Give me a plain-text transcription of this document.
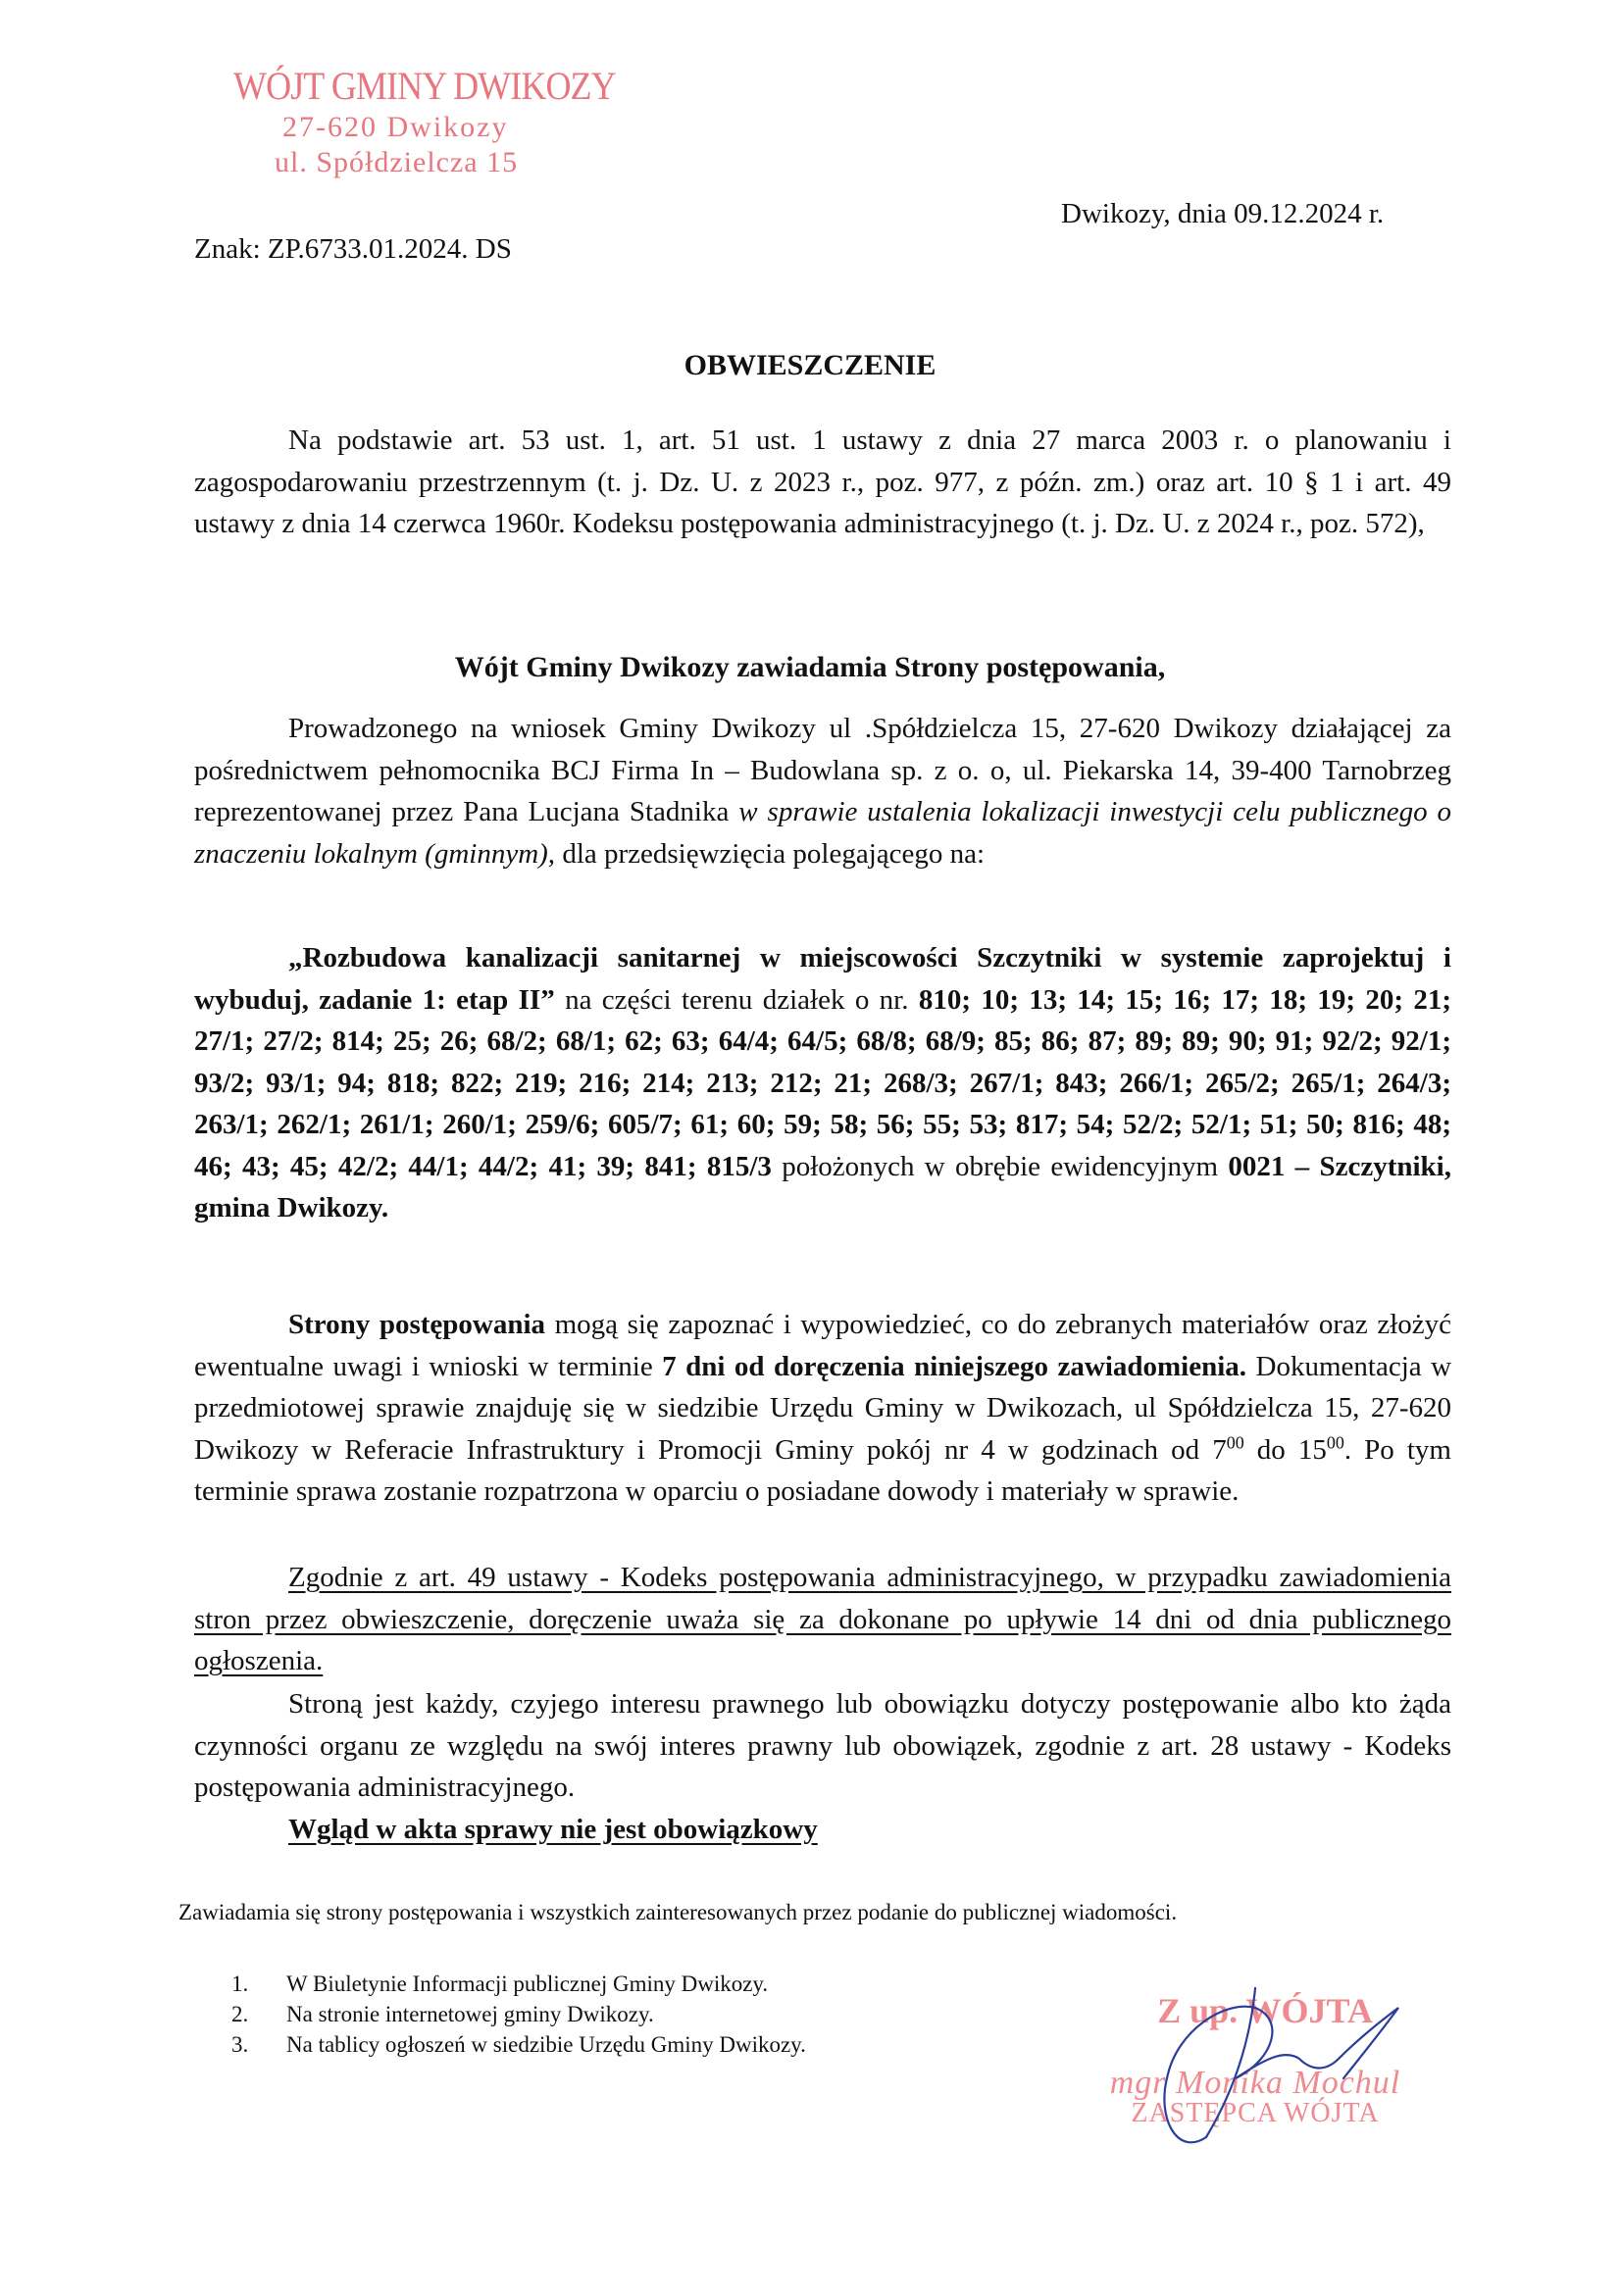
WÓJT GMINY DWIKOZY
27-620 Dwikozy
ul. Spółdzielcza 15
Dwikozy, dnia 09.12.2024 r.
Znak: ZP.6733.01.2024. DS
OBWIESZCZENIE
Na podstawie art. 53 ust. 1, art. 51 ust. 1 ustawy z dnia 27 marca 2003 r. o planowaniu i zagospodarowaniu przestrzennym (t. j. Dz. U. z 2023 r., poz. 977, z późn. zm.) oraz art. 10 § 1 i art. 49 ustawy z dnia 14 czerwca 1960r. Kodeksu postępowania administracyjnego (t. j. Dz. U. z 2024 r., poz. 572),
Wójt Gminy Dwikozy zawiadamia Strony postępowania,
Prowadzonego na wniosek Gminy Dwikozy ul .Spółdzielcza 15, 27-620 Dwikozy działającej za pośrednictwem pełnomocnika BCJ Firma In – Budowlana sp. z o. o, ul. Piekarska 14, 39-400 Tarnobrzeg reprezentowanej przez Pana Lucjana Stadnika w sprawie ustalenia lokalizacji inwestycji celu publicznego o znaczeniu lokalnym (gminnym), dla przedsięwzięcia polegającego na:
„Rozbudowa kanalizacji sanitarnej w miejscowości Szczytniki w systemie zaprojektuj i wybuduj, zadanie 1: etap II” na części terenu działek o nr. 810; 10; 13; 14; 15; 16; 17; 18; 19; 20; 21; 27/1; 27/2; 814; 25; 26; 68/2; 68/1; 62; 63; 64/4; 64/5; 68/8; 68/9; 85; 86; 87; 89; 89; 90; 91; 92/2; 92/1; 93/2; 93/1; 94; 818; 822; 219; 216; 214; 213; 212; 21; 268/3; 267/1; 843; 266/1; 265/2; 265/1; 264/3; 263/1; 262/1; 261/1; 260/1; 259/6; 605/7; 61; 60; 59; 58; 56; 55; 53; 817; 54; 52/2; 52/1; 51; 50; 816; 48; 46; 43; 45; 42/2; 44/1; 44/2; 41; 39; 841; 815/3 położonych w obrębie ewidencyjnym 0021 – Szczytniki, gmina Dwikozy.
Strony postępowania mogą się zapoznać i wypowiedzieć, co do zebranych materiałów oraz złożyć ewentualne uwagi i wnioski w terminie 7 dni od doręczenia niniejszego zawiadomienia. Dokumentacja w przedmiotowej sprawie znajduję się w siedzibie Urzędu Gminy w Dwikozach, ul Spółdzielcza 15, 27-620 Dwikozy w Referacie Infrastruktury i Promocji Gminy pokój nr 4 w godzinach od $7^{00}$ do $15^{00}$. Po tym terminie sprawa zostanie rozpatrzona w oparciu o posiadane dowody i materiały w sprawie.
Zgodnie z art. 49 ustawy - Kodeks postępowania administracyjnego, w przypadku zawiadomienia stron przez obwieszczenie, doręczenie uważa się za dokonane po upływie 14 dni od dnia publicznego ogłoszenia.
Stroną jest każdy, czyjego interesu prawnego lub obowiązku dotyczy postępowanie albo kto żąda czynności organu ze względu na swój interes prawny lub obowiązek, zgodnie z art. 28 ustawy - Kodeks postępowania administracyjnego.
Wgląd w akta sprawy nie jest obowiązkowy
Zawiadamia się strony postępowania i wszystkich zainteresowanych przez podanie do publicznej wiadomości.
1.	W Biuletynie Informacji publicznej Gminy Dwikozy.
2.	Na stronie internetowej gminy Dwikozy.
3.	Na tablicy ogłoszeń w siedzibie Urzędu Gminy Dwikozy.
Z up. WÓJTA
mgr Monika Mochul
ZASTĘPCA WÓJTA
